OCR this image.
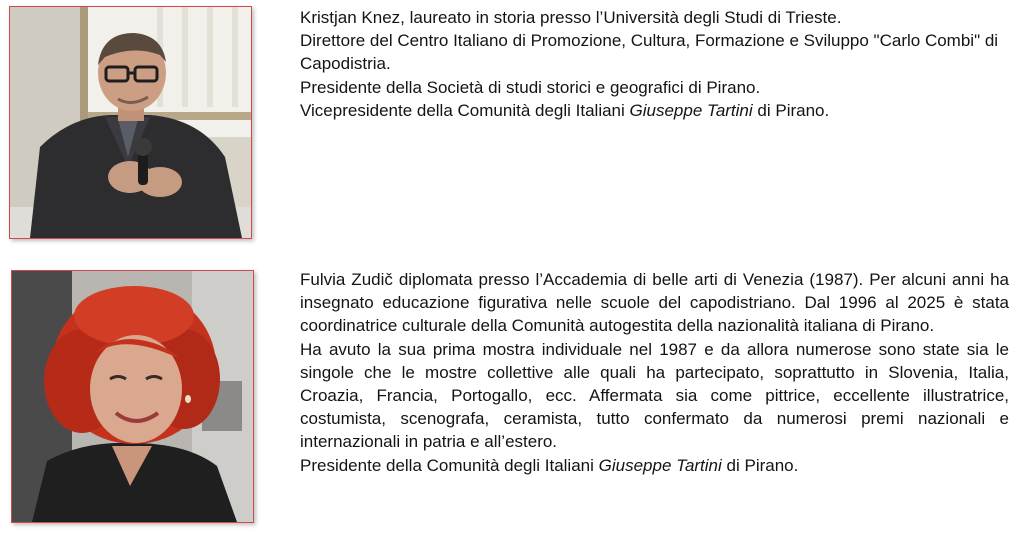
Kristjan Knez, laureato in storia presso l’Università degli Studi di Trieste.

Direttore del Centro Italiano di Promozione, Cultura, Formazione e Sviluppo "Carlo Combi" di Capodistria.

Presidente della Società di studi storici e geografici di Pirano.

Vicepresidente della Comunità degli Italiani Giuseppe Tartini di Pirano.

Fulvia Zudič diplomata presso l’Accademia di belle arti di Venezia (1987). Per alcuni anni ha insegnato educazione figurativa nelle scuole del capodistriano. Dal 1996 al 2025 è stata coordinatrice culturale della Comunità autogestita della nazionalità italiana di Pirano.

Ha avuto la sua prima mostra individuale nel 1987 e da allora numerose sono state sia le singole che le mostre collettive alle quali ha partecipato, soprattutto in Slovenia, Italia, Croazia, Francia, Portogallo, ecc. Affermata sia come pittrice, eccellente illustratrice, costumista, scenografa, ceramista, tutto confermato da numerosi premi nazionali e internazionali in patria e all’estero.

Presidente della Comunità degli Italiani Giuseppe Tartini di Pirano.
